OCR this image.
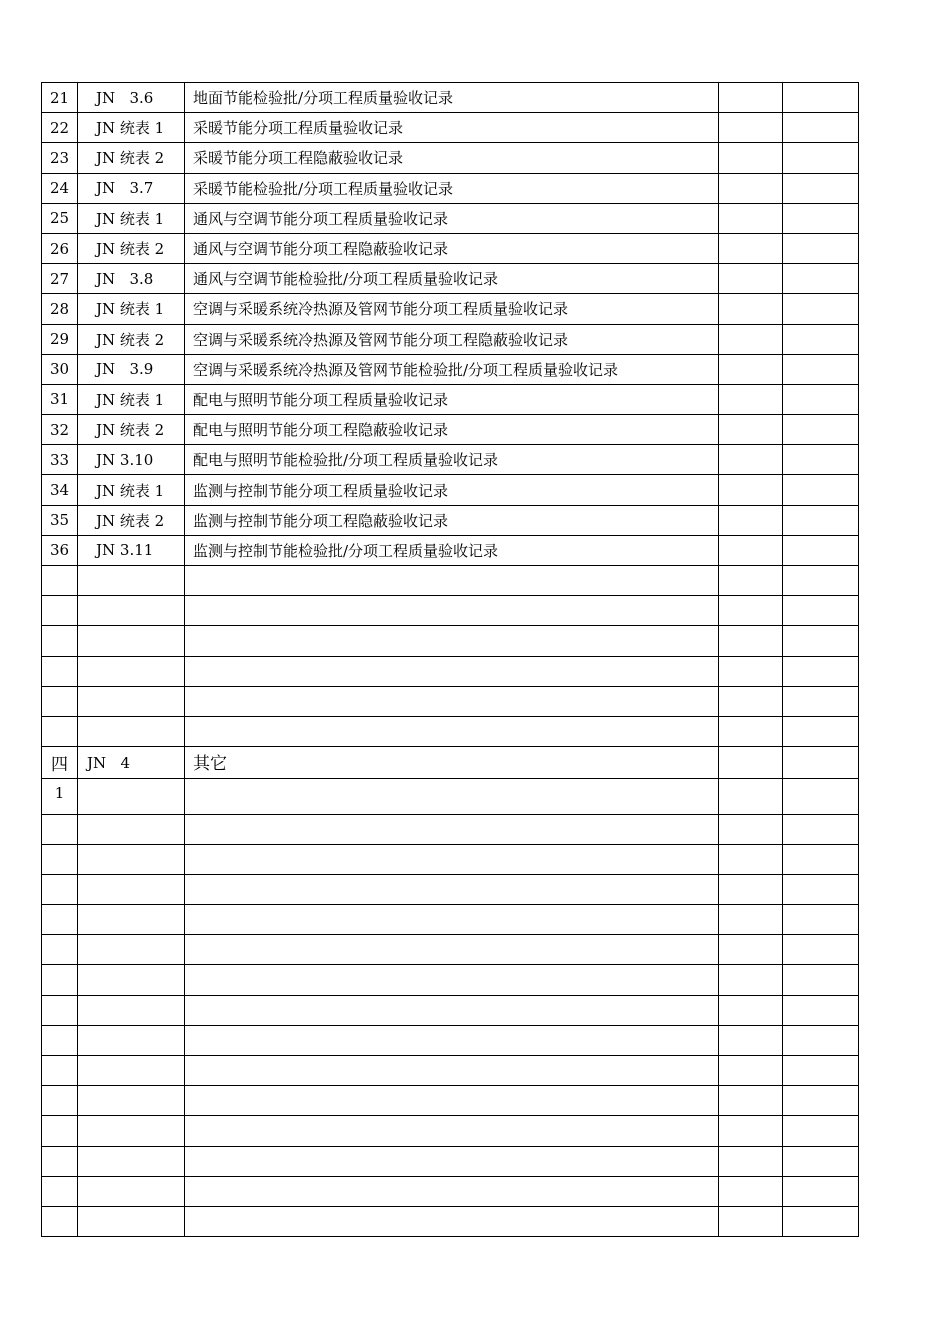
21	JN   3.6	地面节能检验批/分项工程质量验收记录		
22	JN 统表 1	采暖节能分项工程质量验收记录		
23	JN 统表 2	采暖节能分项工程隐蔽验收记录		
24	JN   3.7	采暖节能检验批/分项工程质量验收记录		
25	JN 统表 1	通风与空调节能分项工程质量验收记录		
26	JN 统表 2	通风与空调节能分项工程隐蔽验收记录		
27	JN   3.8	通风与空调节能检验批/分项工程质量验收记录		
28	JN 统表 1	空调与采暖系统冷热源及管网节能分项工程质量验收记录		
29	JN 统表 2	空调与采暖系统冷热源及管网节能分项工程隐蔽验收记录		
30	JN   3.9	空调与采暖系统冷热源及管网节能检验批/分项工程质量验收记录		
31	JN 统表 1	配电与照明节能分项工程质量验收记录		
32	JN 统表 2	配电与照明节能分项工程隐蔽验收记录		
33	JN 3.10	配电与照明节能检验批/分项工程质量验收记录		
34	JN 统表 1	监测与控制节能分项工程质量验收记录		
35	JN 统表 2	监测与控制节能分项工程隐蔽验收记录		
36	JN 3.11	监测与控制节能检验批/分项工程质量验收记录		

四	JN   4	其它		
1				
